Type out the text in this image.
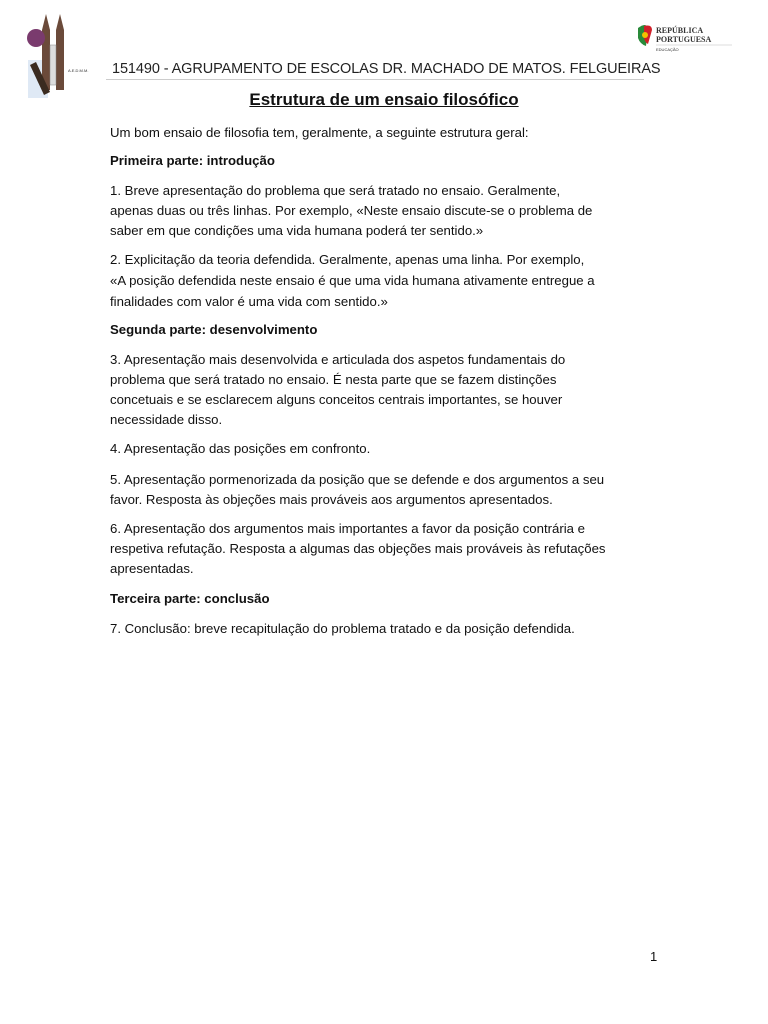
A.E.D.M.M.
REPÚBLICA
PORTUGUESA
EDUCAÇÃO
151490 - AGRUPAMENTO DE ESCOLAS DR. MACHADO DE MATOS. FELGUEIRAS
Estrutura de um ensaio filosófico
Um bom ensaio de filosofia tem, geralmente, a seguinte estrutura geral:
Primeira parte: introdução
1. Breve apresentação do problema que será tratado no ensaio. Geralmente,
apenas duas ou três linhas. Por exemplo, «Neste ensaio discute-se o problema de
saber em que condições uma vida humana poderá ter sentido.»
2. Explicitação da teoria defendida. Geralmente, apenas uma linha. Por exemplo,
«A posição defendida neste ensaio é que uma vida humana ativamente entregue a
finalidades com valor é uma vida com sentido.»
Segunda parte: desenvolvimento
3. Apresentação mais desenvolvida e articulada dos aspetos fundamentais do
problema que será tratado no ensaio. É nesta parte que se fazem distinções
concetuais e se esclarecem alguns conceitos centrais importantes, se houver
necessidade disso.
4. Apresentação das posições em confronto.
5. Apresentação pormenorizada da posição que se defende e dos argumentos a seu
favor. Resposta às objeções mais prováveis aos argumentos apresentados.
6. Apresentação dos argumentos mais importantes a favor da posição contrária e
respetiva refutação. Resposta a algumas das objeções mais prováveis às refutações
apresentadas.
Terceira parte: conclusão
7. Conclusão: breve recapitulação do problema tratado e da posição defendida.
1
